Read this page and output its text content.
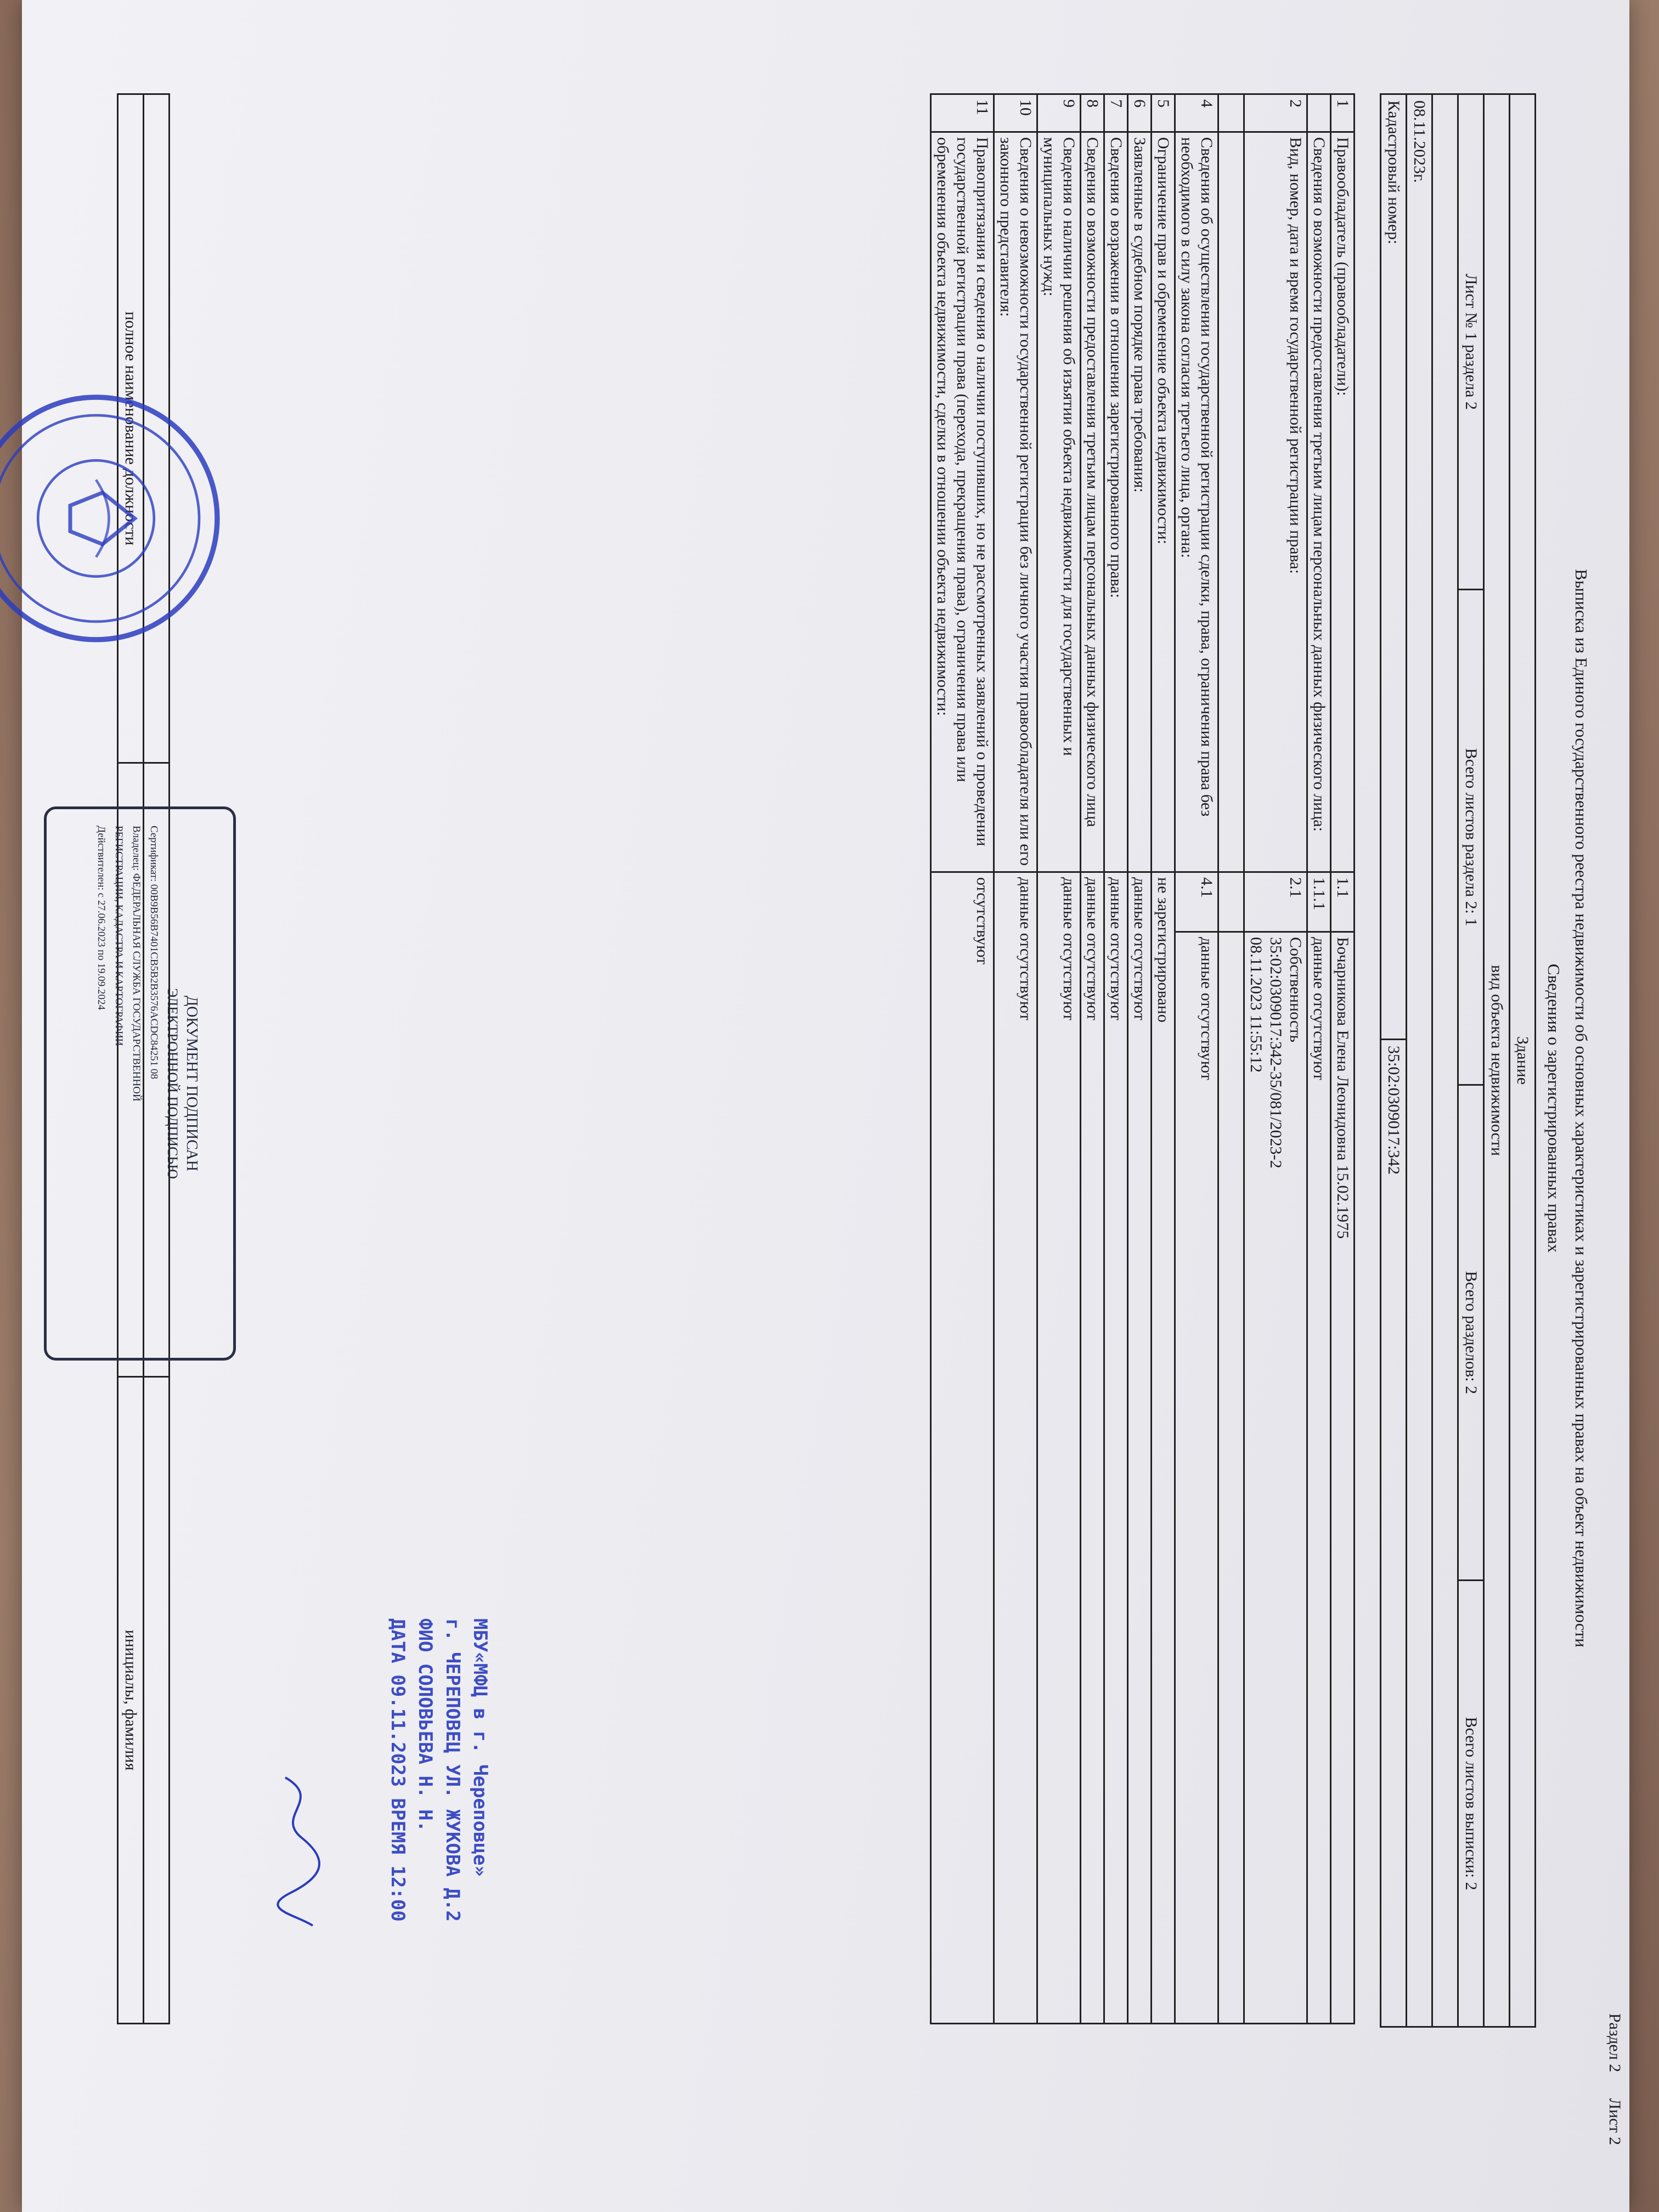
Раздел 2 Лист 2
Выписка из Единого государственного реестра недвижимости об основных характеристиках и зарегистрированных правах на объект недвижимости
Сведения о зарегистрированных правах
Здание
вид объекта недвижимости
Лист № 1 раздела 2
Всего листов раздела 2: 1
Всего разделов: 2
Всего листов выписки: 2
08.11.2023г.
Кадастровый номер:
35:02:0309017:342
1	Правообладатель (правообладатели):	1.1	Бочарникова Елена Леонидовна 15.02.1975
	Сведения о возможности предоставления третьим лицам персональных данных физического лица:	1.1.1	данные отсутствуют
2	Вид, номер, дата и время государственной регистрации права:	2.1	Собственность
35:02:0309017:342-35/081/2023-2
08.11.2023 11:55:12

4	Сведения об осуществлении государственной регистрации сделки, права, ограничения права без необходимого в силу закона согласия третьего лица, органа:	4.1	данные отсутствуют
5	Ограничение прав и обременение объекта недвижимости:	не зарегистрировано	
6	Заявленные в судебном порядке права требования:	данные отсутствуют	
7	Сведения о возражении в отношении зарегистрированного права:	данные отсутствуют	
8	Сведения о возможности предоставления третьим лицам персональных данных физического лица	данные отсутствуют	
9	Сведения о наличии решения об изъятии объекта недвижимости для государственных и муниципальных нужд:	данные отсутствуют	
10	Сведения о невозможности государственной регистрации без личного участия правообладателя или его законного представителя:	данные отсутствуют	
11	Правопритязания и сведения о наличии поступивших, но не рассмотренных заявлений о проведении государственной регистрации права (перехода, прекращения права), ограничения права или обременения объекта недвижимости, сделки в отношении объекта недвижимости:	отсутствуют	

полное наименование должности		инициалы, фамилия
ДОКУМЕНТ ПОДПИСАН
ЭЛЕКТРОННОЙ ПОДПИСЬЮ
Сертификат: 00B9B56B7401CB5B2B3576ACDC84251 08
Владелец: ФЕДЕРАЛЬНАЯ СЛУЖБА ГОСУДАРСТВЕННОЙ
РЕГИСТРАЦИИ, КАДАСТРА И КАРТОГРАФИИ
Действителен: с 27.06.2023 по 19.09.2024
МБУ«МФЦ в г. Череповце»
г. ЧЕРЕПОВЕЦ УЛ. ЖУКОВА Д.2
ФИО СОЛОВЬЕВА Н. Н.
ДАТА 09.11.2023 ВРЕМЯ 12:00
